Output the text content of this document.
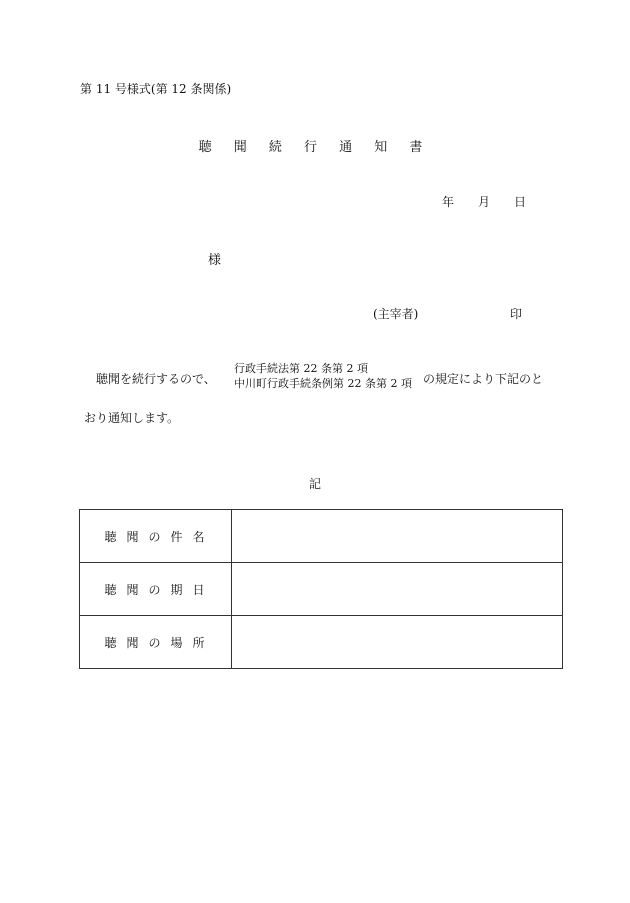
第 11 号様式(第 12 条関係)
聴 聞 続 行 通 知 書
年 月 日
様
(主宰者)	印
聴聞を続行するので、
行政手続法第 22 条第 2 項
中川町行政手続条例第 22 条第 2 項 の規定により下記のと
おり通知します。
記
聴聞の件名	
聴聞の期日	
聴聞の場所	
